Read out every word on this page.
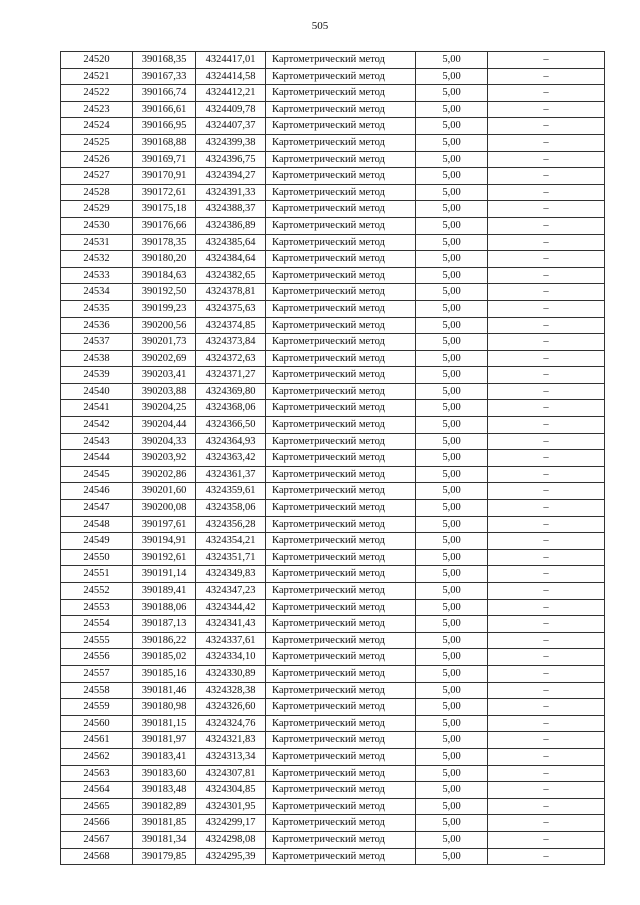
505
24520	390168,35	4324417,01	Картометрический метод	5,00	–
24521	390167,33	4324414,58	Картометрический метод	5,00	–
24522	390166,74	4324412,21	Картометрический метод	5,00	–
24523	390166,61	4324409,78	Картометрический метод	5,00	–
24524	390166,95	4324407,37	Картометрический метод	5,00	–
24525	390168,88	4324399,38	Картометрический метод	5,00	–
24526	390169,71	4324396,75	Картометрический метод	5,00	–
24527	390170,91	4324394,27	Картометрический метод	5,00	–
24528	390172,61	4324391,33	Картометрический метод	5,00	–
24529	390175,18	4324388,37	Картометрический метод	5,00	–
24530	390176,66	4324386,89	Картометрический метод	5,00	–
24531	390178,35	4324385,64	Картометрический метод	5,00	–
24532	390180,20	4324384,64	Картометрический метод	5,00	–
24533	390184,63	4324382,65	Картометрический метод	5,00	–
24534	390192,50	4324378,81	Картометрический метод	5,00	–
24535	390199,23	4324375,63	Картометрический метод	5,00	–
24536	390200,56	4324374,85	Картометрический метод	5,00	–
24537	390201,73	4324373,84	Картометрический метод	5,00	–
24538	390202,69	4324372,63	Картометрический метод	5,00	–
24539	390203,41	4324371,27	Картометрический метод	5,00	–
24540	390203,88	4324369,80	Картометрический метод	5,00	–
24541	390204,25	4324368,06	Картометрический метод	5,00	–
24542	390204,44	4324366,50	Картометрический метод	5,00	–
24543	390204,33	4324364,93	Картометрический метод	5,00	–
24544	390203,92	4324363,42	Картометрический метод	5,00	–
24545	390202,86	4324361,37	Картометрический метод	5,00	–
24546	390201,60	4324359,61	Картометрический метод	5,00	–
24547	390200,08	4324358,06	Картометрический метод	5,00	–
24548	390197,61	4324356,28	Картометрический метод	5,00	–
24549	390194,91	4324354,21	Картометрический метод	5,00	–
24550	390192,61	4324351,71	Картометрический метод	5,00	–
24551	390191,14	4324349,83	Картометрический метод	5,00	–
24552	390189,41	4324347,23	Картометрический метод	5,00	–
24553	390188,06	4324344,42	Картометрический метод	5,00	–
24554	390187,13	4324341,43	Картометрический метод	5,00	–
24555	390186,22	4324337,61	Картометрический метод	5,00	–
24556	390185,02	4324334,10	Картометрический метод	5,00	–
24557	390185,16	4324330,89	Картометрический метод	5,00	–
24558	390181,46	4324328,38	Картометрический метод	5,00	–
24559	390180,98	4324326,60	Картометрический метод	5,00	–
24560	390181,15	4324324,76	Картометрический метод	5,00	–
24561	390181,97	4324321,83	Картометрический метод	5,00	–
24562	390183,41	4324313,34	Картометрический метод	5,00	–
24563	390183,60	4324307,81	Картометрический метод	5,00	–
24564	390183,48	4324304,85	Картометрический метод	5,00	–
24565	390182,89	4324301,95	Картометрический метод	5,00	–
24566	390181,85	4324299,17	Картометрический метод	5,00	–
24567	390181,34	4324298,08	Картометрический метод	5,00	–
24568	390179,85	4324295,39	Картометрический метод	5,00	–
